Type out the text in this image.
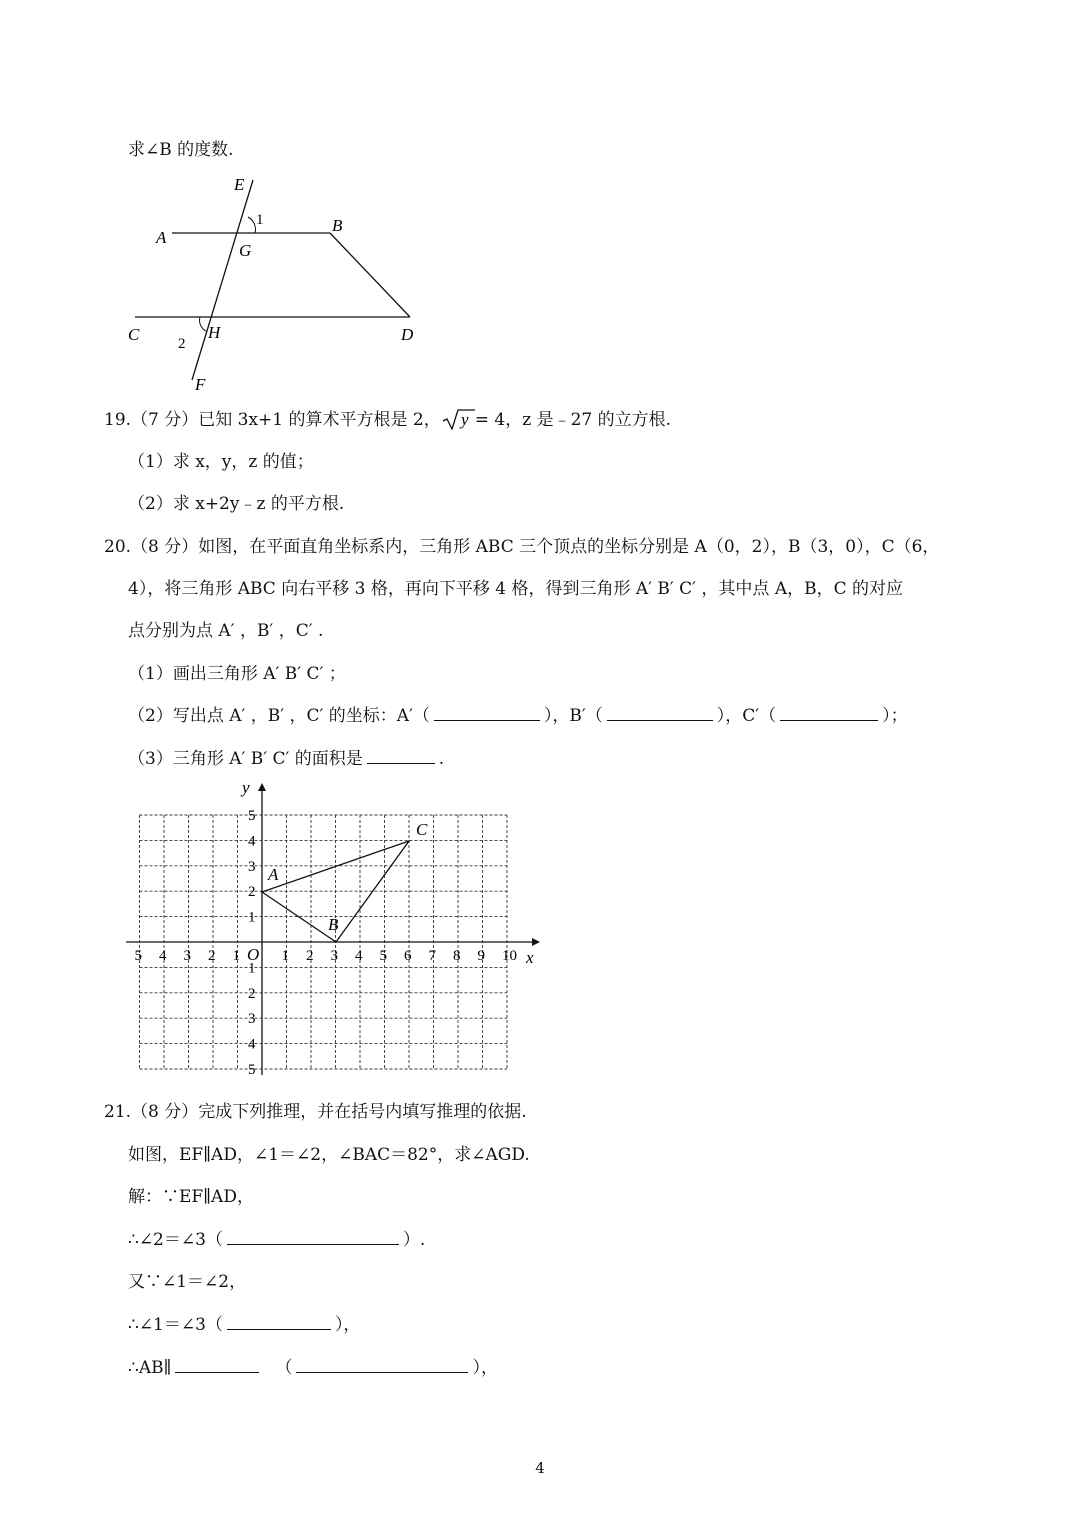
求∠B 的度数.
E
A
B
G
1
C	H	D
2
F
19.（7 分）已知 3x+1 的算术平方根是 2， y = 4，z 是﹣27 的立方根.
（1）求 x，y，z 的值；
（2）求 x+2y﹣z 的平方根.
20.（8 分）如图，在平面直角坐标系内，三角形 ABC 三个顶点的坐标分别是 A（0，2），B（3，0），C（6，
4），将三角形 ABC 向右平移 3 格，再向下平移 4 格，得到三角形 A′ B′ C′ ，其中点 A，B，C 的对应
点分别为点 A′ ，B′ ，C′ .
（1）画出三角形 A′ B′ C′ ；
（2）写出点 A′ ，B′ ，C′ 的坐标：A′（	），B′（	），C′（	）；
（3）三角形 A′ B′ C′ 的面积是	.
5 4 3 2 1	1 2 3 4 5 6 7 8 9 10
5
4
3
2
1
1
2
3
4
5
x
y
O
A
B
C
21.（8 分）完成下列推理，并在括号内填写推理的依据.
如图，EF∥AD，∠1＝∠2，∠BAC＝82°，求∠AGD.
解：∵EF∥AD，
∴∠2＝∠3（	）.
又∵∠1＝∠2，
∴∠1＝∠3（	），
∴AB∥	（	），
4
